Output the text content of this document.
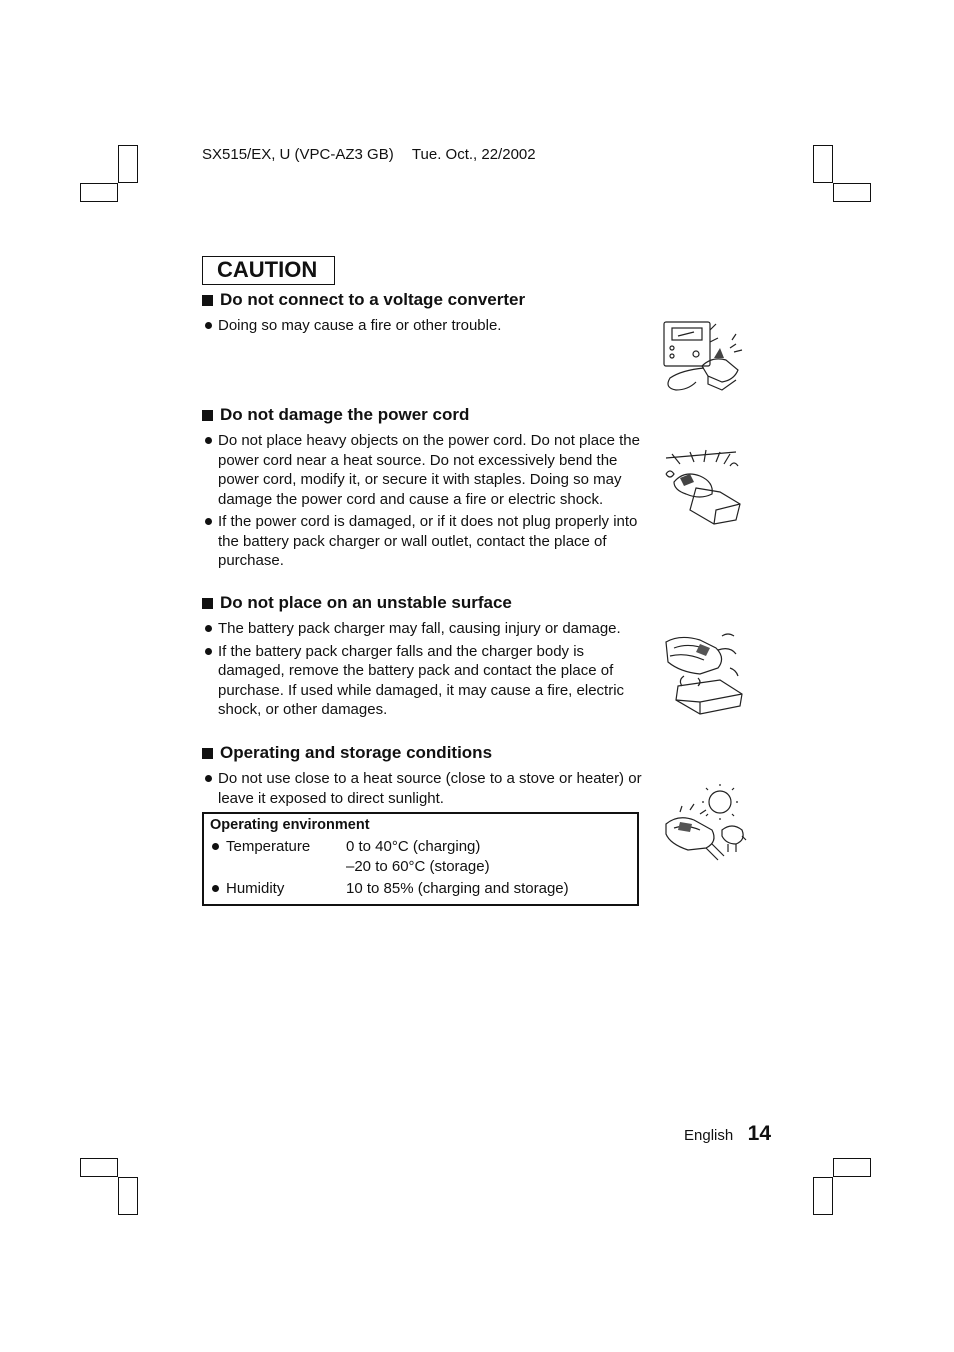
SX515/EX, U (VPC-AZ3 GB) Tue. Oct., 22/2002
CAUTION
Do not connect to a voltage converter
Doing so may cause a fire or other trouble.
Do not damage the power cord
Do not place heavy objects on the power cord. Do not place the power cord near a heat source. Do not excessively bend the power cord, modify it, or secure it with staples. Doing so may damage the power cord and cause a fire or electric shock.
If the power cord is damaged, or if it does not plug properly into the battery pack charger or wall outlet, contact the place of purchase.
Do not place on an unstable surface
The battery pack charger may fall, causing injury or damage.
If the battery pack charger falls and the charger body is damaged, remove the battery pack and contact the place of purchase. If used while damaged, it may cause a fire, electric shock, or other damages.
Operating and storage conditions
Do not use close to a heat source (close to a stove or heater) or leave it exposed to direct sunlight.
Operating environment
Temperature	0 to 40°C (charging)
–20 to 60°C (storage)
Humidity	10 to 85% (charging and storage)
English 14
